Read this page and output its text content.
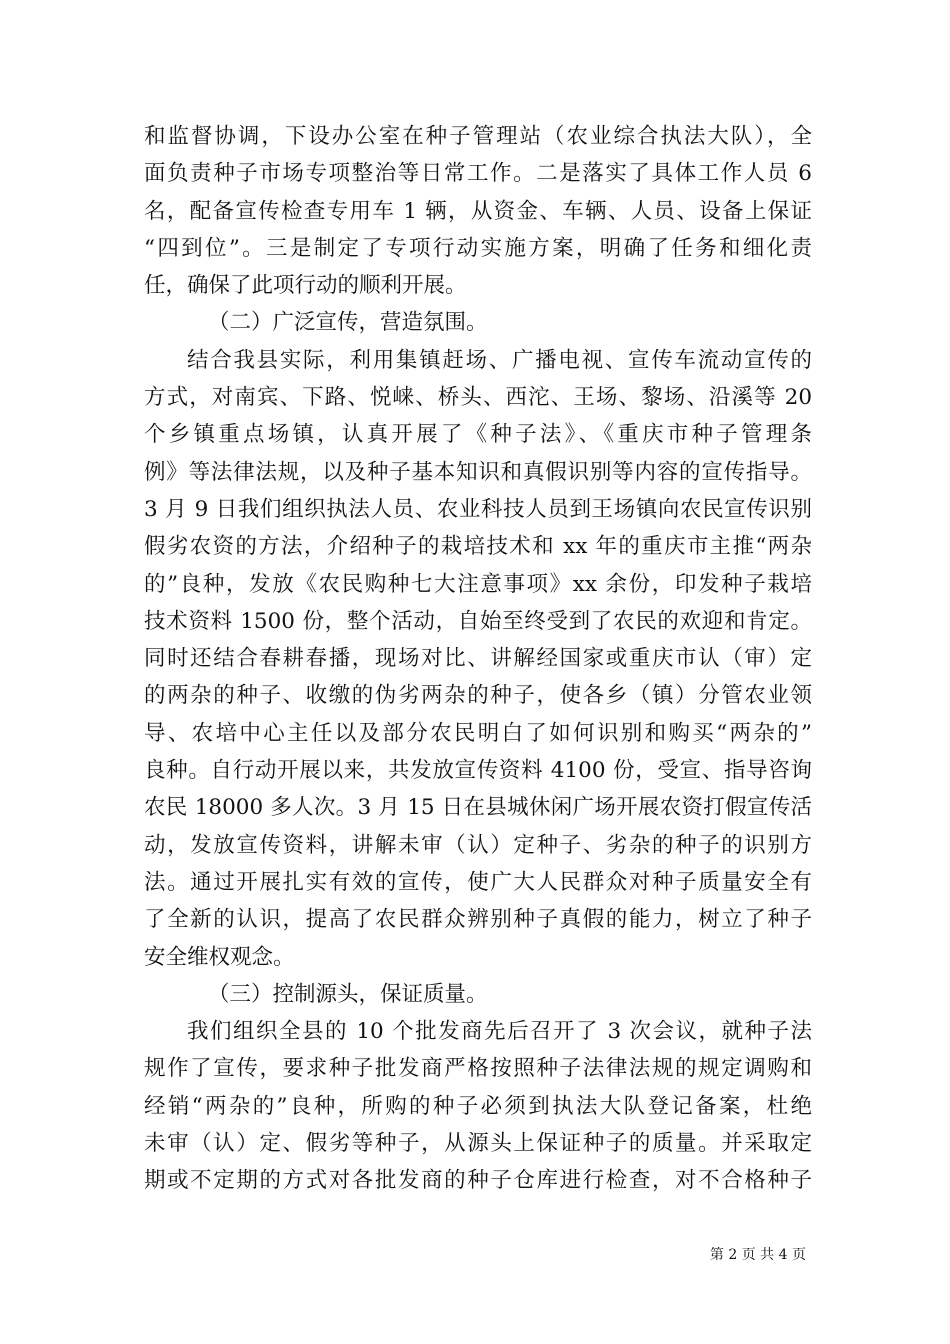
和监督协调，下设办公室在种子管理站（农业综合执法大队），全
面负责种子市场专项整治等日常工作。二是落实了具体工作人员 6
名，配备宣传检查专用车 1 辆，从资金、车辆、人员、设备上保证
“四到位”。三是制定了专项行动实施方案，明确了任务和细化责
任，确保了此项行动的顺利开展。
（二）广泛宣传，营造氛围。
结合我县实际，利用集镇赶场、广播电视、宣传车流动宣传的
方式，对南宾、下路、悦崃、桥头、西沱、王场、黎场、沿溪等 20
个乡镇重点场镇，认真开展了《种子法》、《重庆市种子管理条
例》等法律法规，以及种子基本知识和真假识别等内容的宣传指导。
3 月 9 日我们组织执法人员、农业科技人员到王场镇向农民宣传识别
假劣农资的方法，介绍种子的栽培技术和 xx 年的重庆市主推“两杂
的”良种，发放《农民购种七大注意事项》xx 余份，印发种子栽培
技术资料 1500 份，整个活动，自始至终受到了农民的欢迎和肯定。
同时还结合春耕春播，现场对比、讲解经国家或重庆市认（审）定
的两杂的种子、收缴的伪劣两杂的种子，使各乡（镇）分管农业领
导、农培中心主任以及部分农民明白了如何识别和购买“两杂的”
良种。自行动开展以来，共发放宣传资料 4100 份，受宣、指导咨询
农民 18000 多人次。3 月 15 日在县城休闲广场开展农资打假宣传活
动，发放宣传资料，讲解未审（认）定种子、劣杂的种子的识别方
法。通过开展扎实有效的宣传，使广大人民群众对种子质量安全有
了全新的认识，提高了农民群众辨别种子真假的能力，树立了种子
安全维权观念。
（三）控制源头，保证质量。
我们组织全县的 10 个批发商先后召开了 3 次会议，就种子法
规作了宣传，要求种子批发商严格按照种子法律法规的规定调购和
经销“两杂的”良种，所购的种子必须到执法大队登记备案，杜绝
未审（认）定、假劣等种子，从源头上保证种子的质量。并采取定
期或不定期的方式对各批发商的种子仓库进行检查，对不合格种子
第 2 页 共 4 页
